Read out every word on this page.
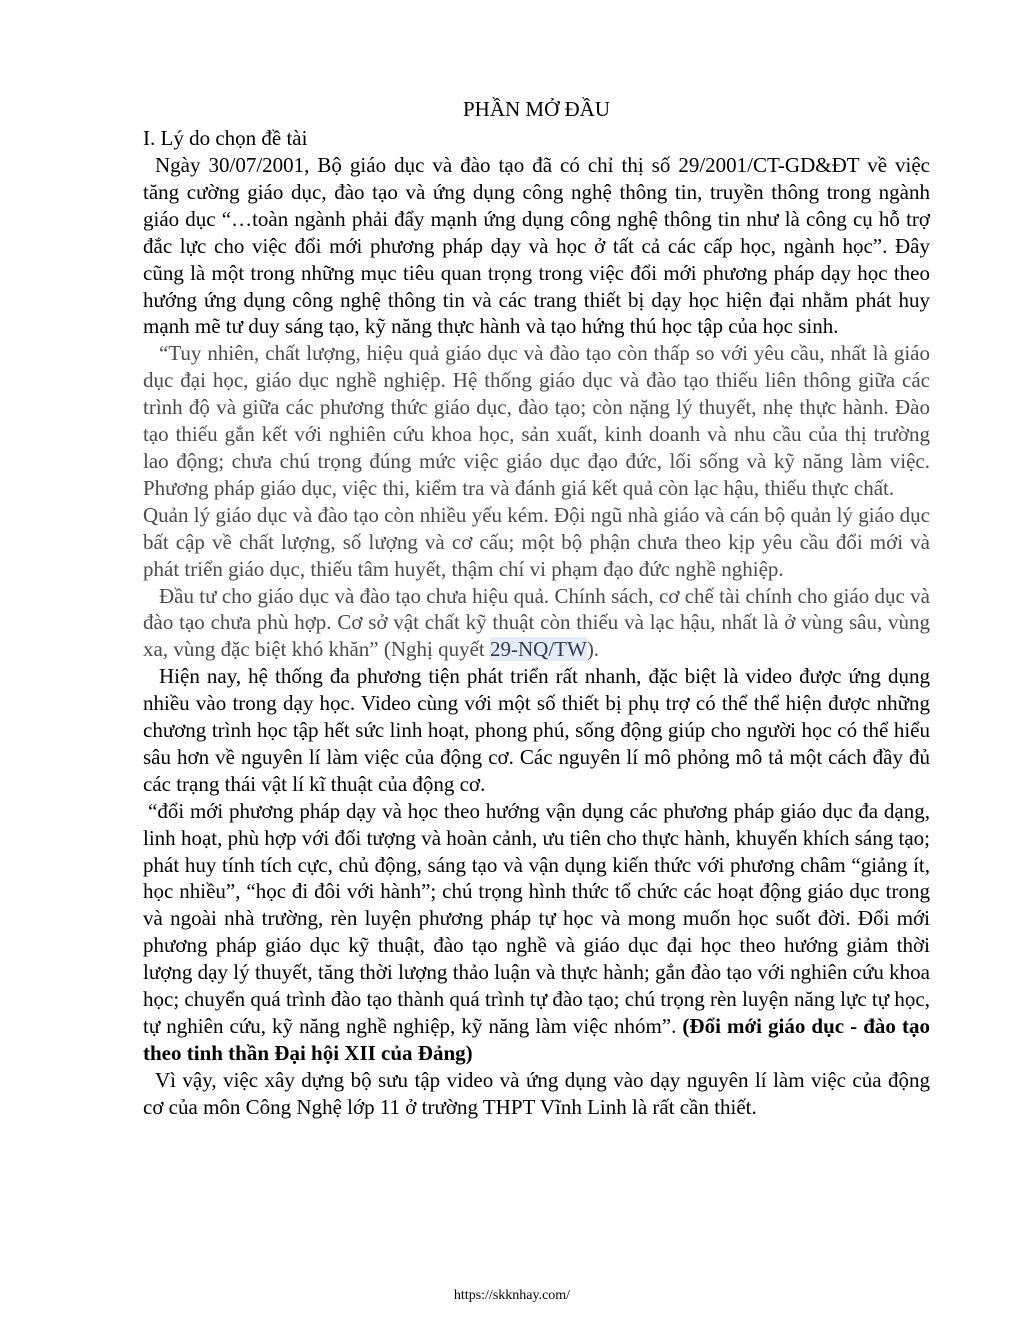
PHẦN MỞ ĐẦU
I. Lý do chọn đề tài

Ngày 30/07/2001, Bộ giáo dục và đào tạo đã có chỉ thị số 29/2001/CT-GD&ĐT về việc tăng cường giáo dục, đào tạo và ứng dụng công nghệ thông tin, truyền thông trong ngành giáo dục “…toàn ngành phải đẩy mạnh ứng dụng công nghệ thông tin như là công cụ hỗ trợ đắc lực cho việc đổi mới phương pháp dạy và học ở tất cả các cấp học, ngành học”. Đây cũng là một trong những mục tiêu quan trọng trong việc đổi mới phương pháp dạy học theo hướng ứng dụng công nghệ thông tin và các trang thiết bị dạy học hiện đại nhằm phát huy mạnh mẽ tư duy sáng tạo, kỹ năng thực hành và tạo hứng thú học tập của học sinh.

“Tuy nhiên, chất lượng, hiệu quả giáo dục và đào tạo còn thấp so với yêu cầu, nhất là giáo dục đại học, giáo dục nghề nghiệp. Hệ thống giáo dục và đào tạo thiếu liên thông giữa các trình độ và giữa các phương thức giáo dục, đào tạo; còn nặng lý thuyết, nhẹ thực hành. Đào tạo thiếu gắn kết với nghiên cứu khoa học, sản xuất, kinh doanh và nhu cầu của thị trường lao động; chưa chú trọng đúng mức việc giáo dục đạo đức, lối sống và kỹ năng làm việc. Phương pháp giáo dục, việc thi, kiểm tra và đánh giá kết quả còn lạc hậu, thiếu thực chất.

Quản lý giáo dục và đào tạo còn nhiều yếu kém. Đội ngũ nhà giáo và cán bộ quản lý giáo dục bất cập về chất lượng, số lượng và cơ cấu; một bộ phận chưa theo kịp yêu cầu đổi mới và phát triển giáo dục, thiếu tâm huyết, thậm chí vi phạm đạo đức nghề nghiệp.

Đầu tư cho giáo dục và đào tạo chưa hiệu quả. Chính sách, cơ chế tài chính cho giáo dục và đào tạo chưa phù hợp. Cơ sở vật chất kỹ thuật còn thiếu và lạc hậu, nhất là ở vùng sâu, vùng xa, vùng đặc biệt khó khăn” (Nghị quyết 29-NQ/TW).

Hiện nay, hệ thống đa phương tiện phát triển rất nhanh, đặc biệt là video được ứng dụng nhiều vào trong dạy học. Video cùng với một số thiết bị phụ trợ có thể thể hiện được những chương trình học tập hết sức linh hoạt, phong phú, sống động giúp cho người học có thể hiểu sâu hơn về nguyên lí làm việc của động cơ. Các nguyên lí mô phỏng mô tả một cách đầy đủ các trạng thái vật lí kĩ thuật của động cơ.

“đổi mới phương pháp dạy và học theo hướng vận dụng các phương pháp giáo dục đa dạng, linh hoạt, phù hợp với đối tượng và hoàn cảnh, ưu tiên cho thực hành, khuyến khích sáng tạo; phát huy tính tích cực, chủ động, sáng tạo và vận dụng kiến thức với phương châm “giảng ít, học nhiều”, “học đi đôi với hành”; chú trọng hình thức tổ chức các hoạt động giáo dục trong và ngoài nhà trường, rèn luyện phương pháp tự học và mong muốn học suốt đời. Đổi mới phương pháp giáo dục kỹ thuật, đào tạo nghề và giáo dục đại học theo hướng giảm thời lượng dạy lý thuyết, tăng thời lượng thảo luận và thực hành; gắn đào tạo với nghiên cứu khoa học; chuyển quá trình đào tạo thành quá trình tự đào tạo; chú trọng rèn luyện năng lực tự học, tự nghiên cứu, kỹ năng nghề nghiệp, kỹ năng làm việc nhóm”. (Đổi mới giáo dục - đào tạo theo tinh thần Đại hội XII của Đảng)

Vì vậy, việc xây dựng bộ sưu tập video và ứng dụng vào dạy nguyên lí làm việc của động cơ của môn Công Nghệ lớp 11 ở trường THPT Vĩnh Linh là rất cần thiết.

https://skknhay.com/
